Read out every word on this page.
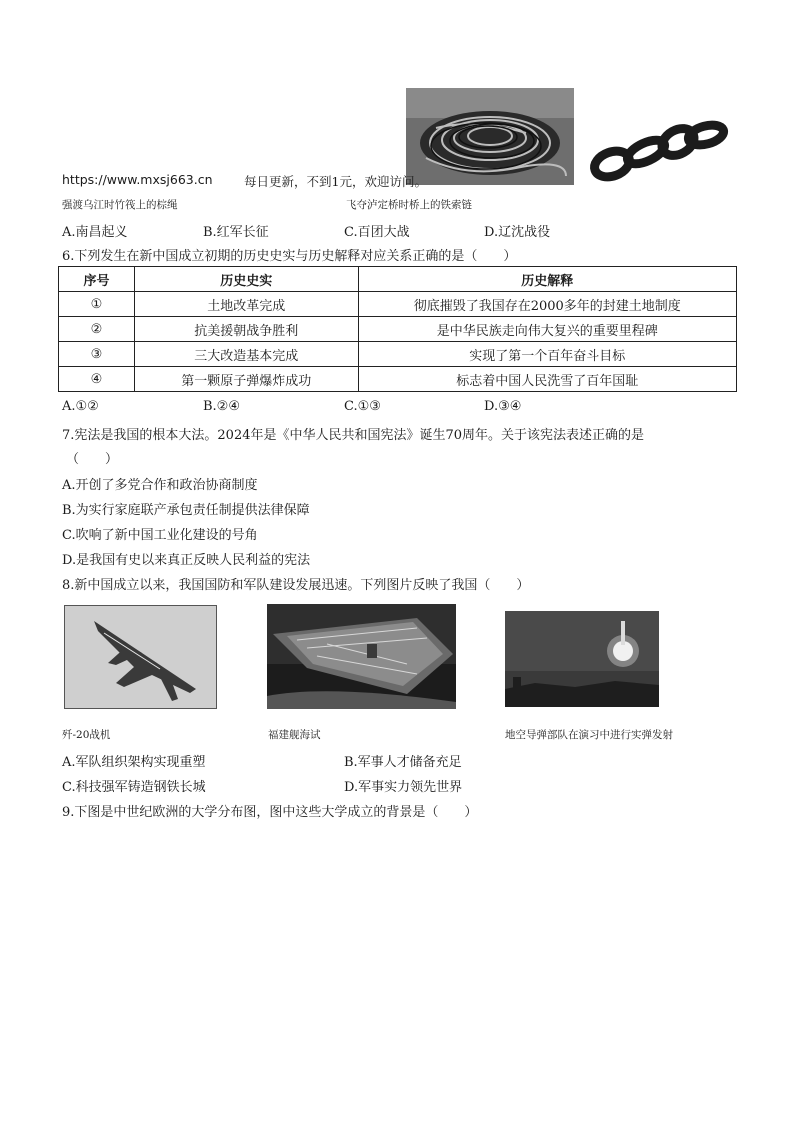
https://www.mxsj663.cn	每日更新，不到1元，欢迎访问。
强渡乌江时竹筏上的棕绳	飞夺泸定桥时桥上的铁索链
A.南昌起义	B.红军长征	C.百团大战	D.辽沈战役
6.下列发生在新中国成立初期的历史史实与历史解释对应关系正确的是（　　）
序号	历史史实	历史解释
①	土地改革完成	彻底摧毁了我国存在2000多年的封建土地制度
②	抗美援朝战争胜利	是中华民族走向伟大复兴的重要里程碑
③	三大改造基本完成	实现了第一个百年奋斗目标
④	第一颗原子弹爆炸成功	标志着中国人民洗雪了百年国耻
A.①②	B.②④	C.①③	D.③④
7.宪法是我国的根本大法。2024年是《中华人民共和国宪法》诞生70周年。关于该宪法表述正确的是
（　　）
A.开创了多党合作和政治协商制度
B.为实行家庭联产承包责任制提供法律保障
C.吹响了新中国工业化建设的号角
D.是我国有史以来真正反映人民利益的宪法
8.新中国成立以来，我国国防和军队建设发展迅速。下列图片反映了我国（　　）
歼-20战机	福建舰海试	地空导弹部队在演习中进行实弹发射
A.军队组织架构实现重塑	B.军事人才储备充足
C.科技强军铸造钢铁长城	D.军事实力领先世界
9.下图是中世纪欧洲的大学分布图，图中这些大学成立的背景是（　　）
